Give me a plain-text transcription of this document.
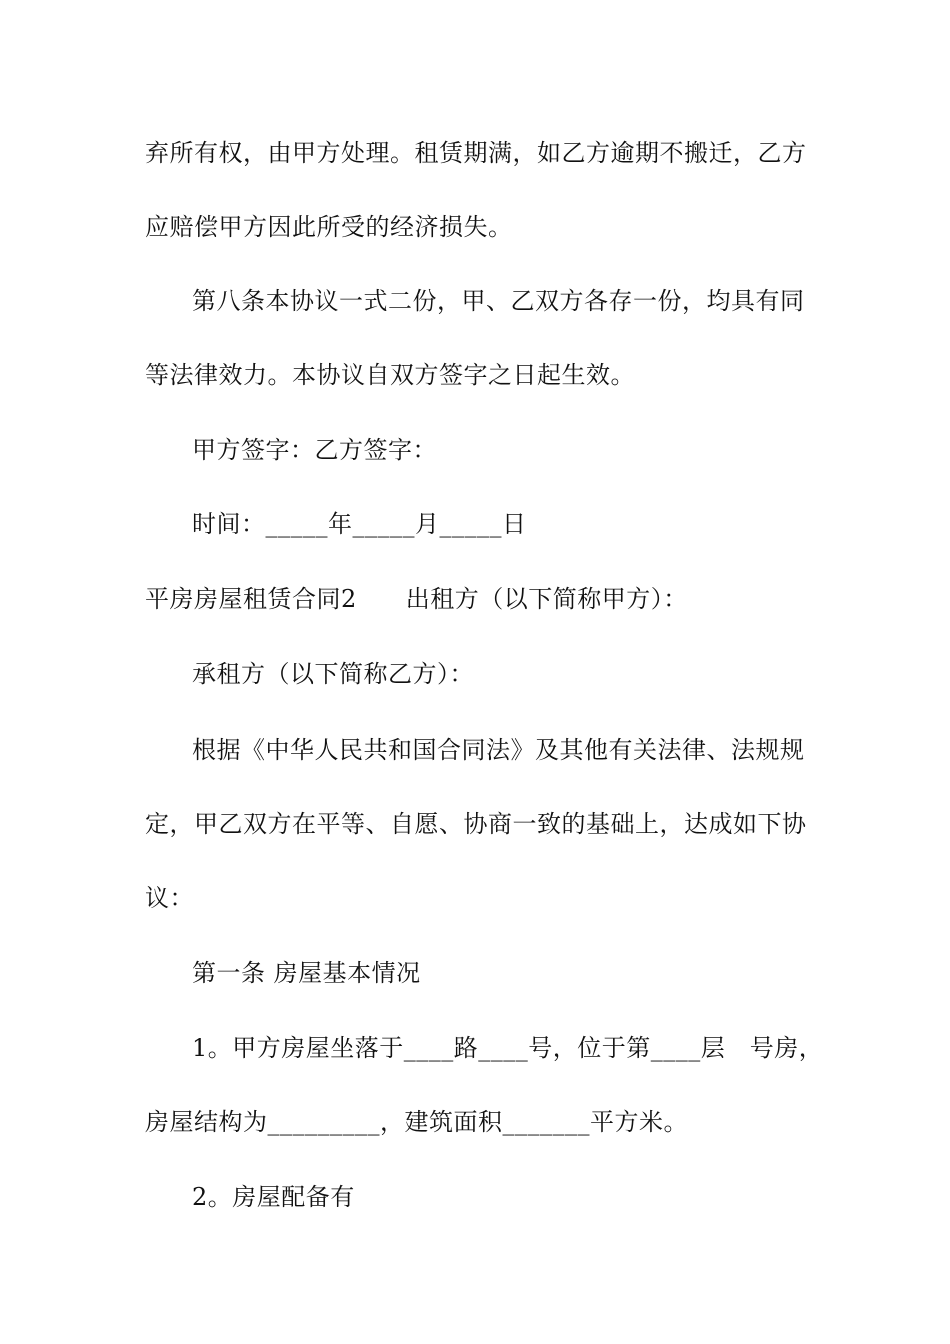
弃所有权，由甲方处理。租赁期满，如乙方逾期不搬迁，乙方
应赔偿甲方因此所受的经济损失。
第八条本协议一式二份，甲、乙双方各存一份，均具有同
等法律效力。本协议自双方签字之日起生效。
甲方签字：乙方签字：
时间：_____年_____月_____日
平房房屋租赁合同2　　出租方（以下简称甲方）：
承租方（以下简称乙方）：
根据《中华人民共和国合同法》及其他有关法律、法规规
定，甲乙双方在平等、自愿、协商一致的基础上，达成如下协
议：
第一条 房屋基本情况
1。甲方房屋坐落于____路____号，位于第____层　号房，
房屋结构为_________，建筑面积_______平方米。
2。房屋配备有
